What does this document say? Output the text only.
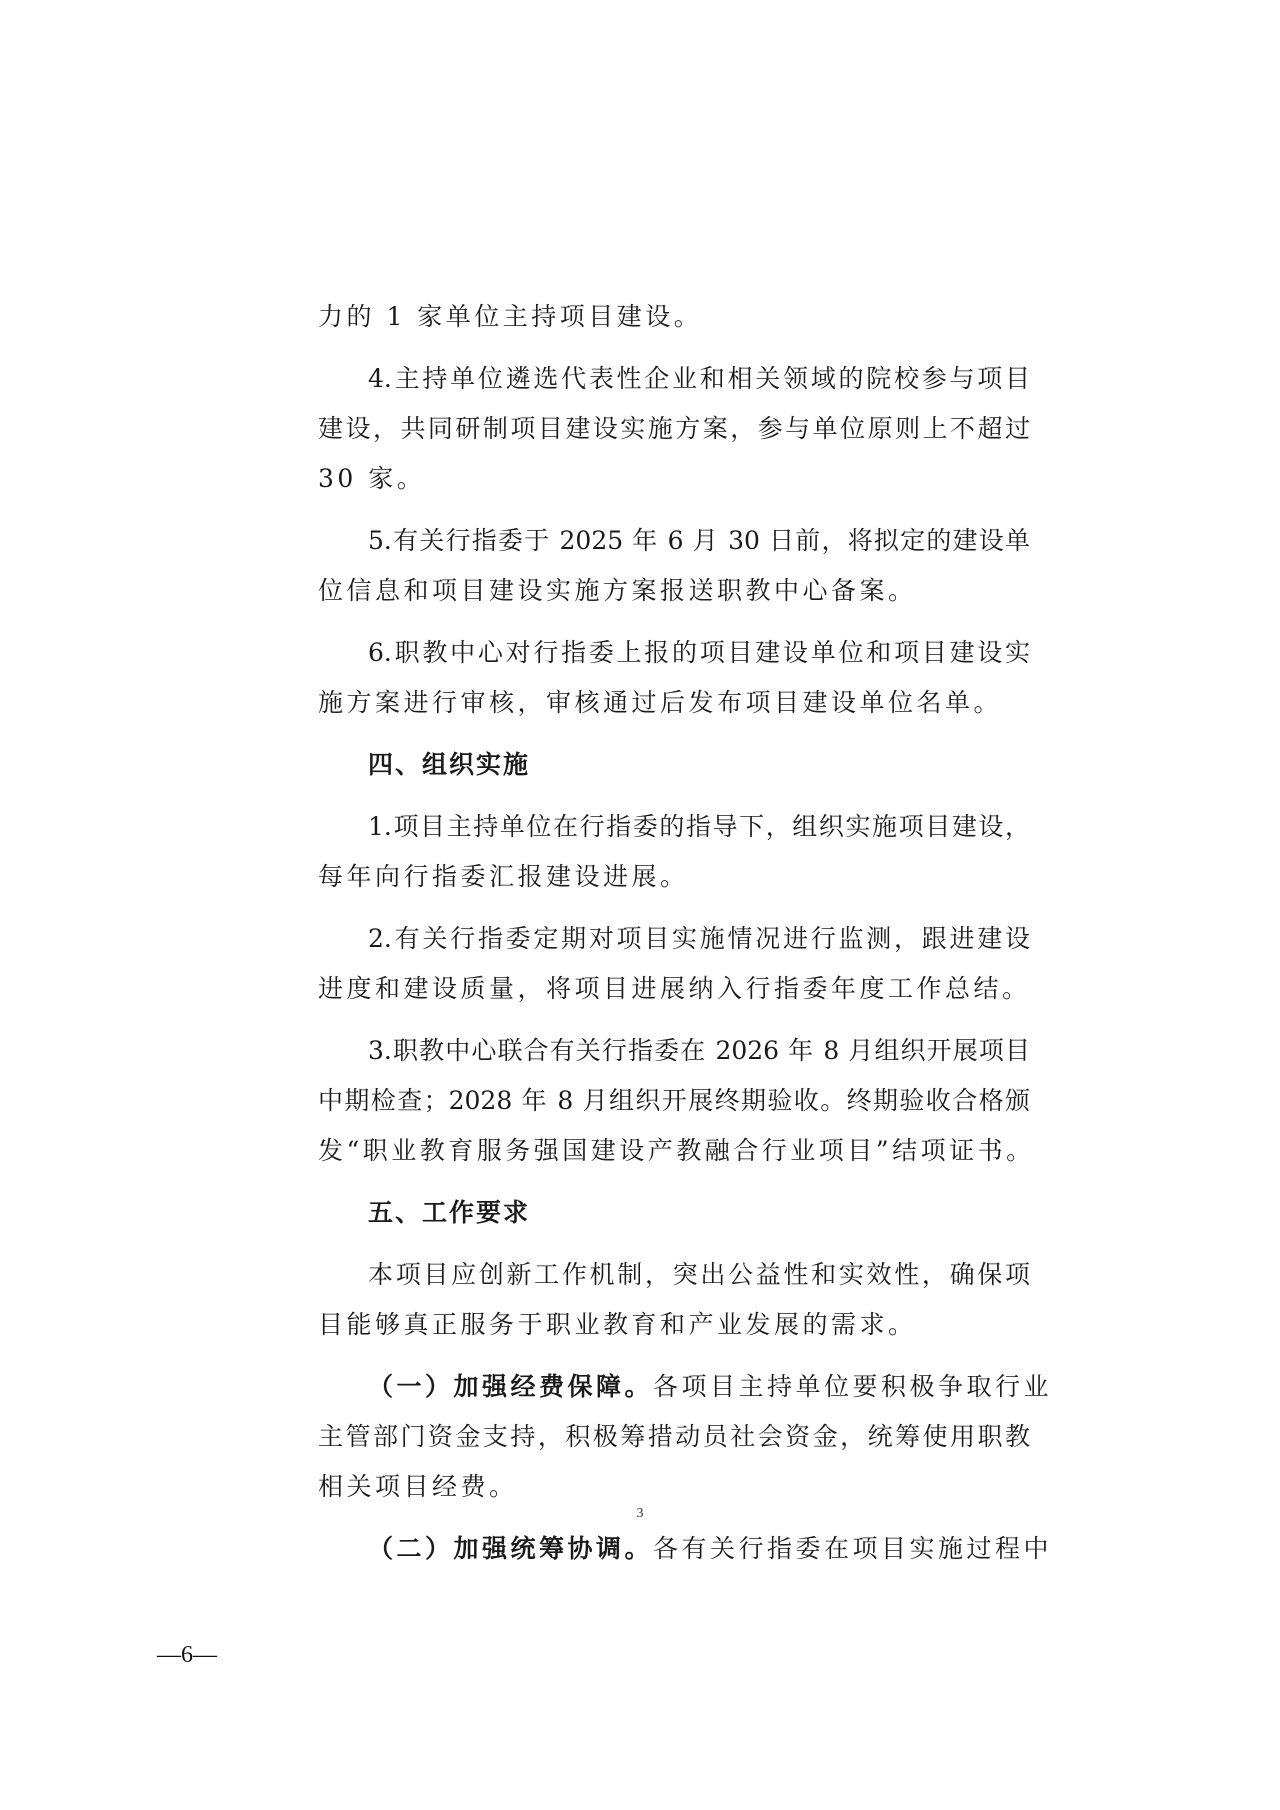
力的 1 家单位主持项目建设。
4.主持单位遴选代表性企业和相关领域的院校参与项目
建设，共同研制项目建设实施方案，参与单位原则上不超过
30 家。
5.有关行指委于 2025 年 6 月 30 日前，将拟定的建设单
位信息和项目建设实施方案报送职教中心备案。
6.职教中心对行指委上报的项目建设单位和项目建设实
施方案进行审核，审核通过后发布项目建设单位名单。
四、组织实施
1.项目主持单位在行指委的指导下，组织实施项目建设，
每年向行指委汇报建设进展。
2.有关行指委定期对项目实施情况进行监测，跟进建设
进度和建设质量，将项目进展纳入行指委年度工作总结。
3.职教中心联合有关行指委在 2026 年 8 月组织开展项目
中期检查；2028 年 8 月组织开展终期验收。终期验收合格颁
发“职业教育服务强国建设产教融合行业项目”结项证书。
五、工作要求
本项目应创新工作机制，突出公益性和实效性，确保项
目能够真正服务于职业教育和产业发展的需求。
（一）加强经费保障。各项目主持单位要积极争取行业
主管部门资金支持，积极筹措动员社会资金，统筹使用职教
相关项目经费。
（二）加强统筹协调。各有关行指委在项目实施过程中
3
—6—
